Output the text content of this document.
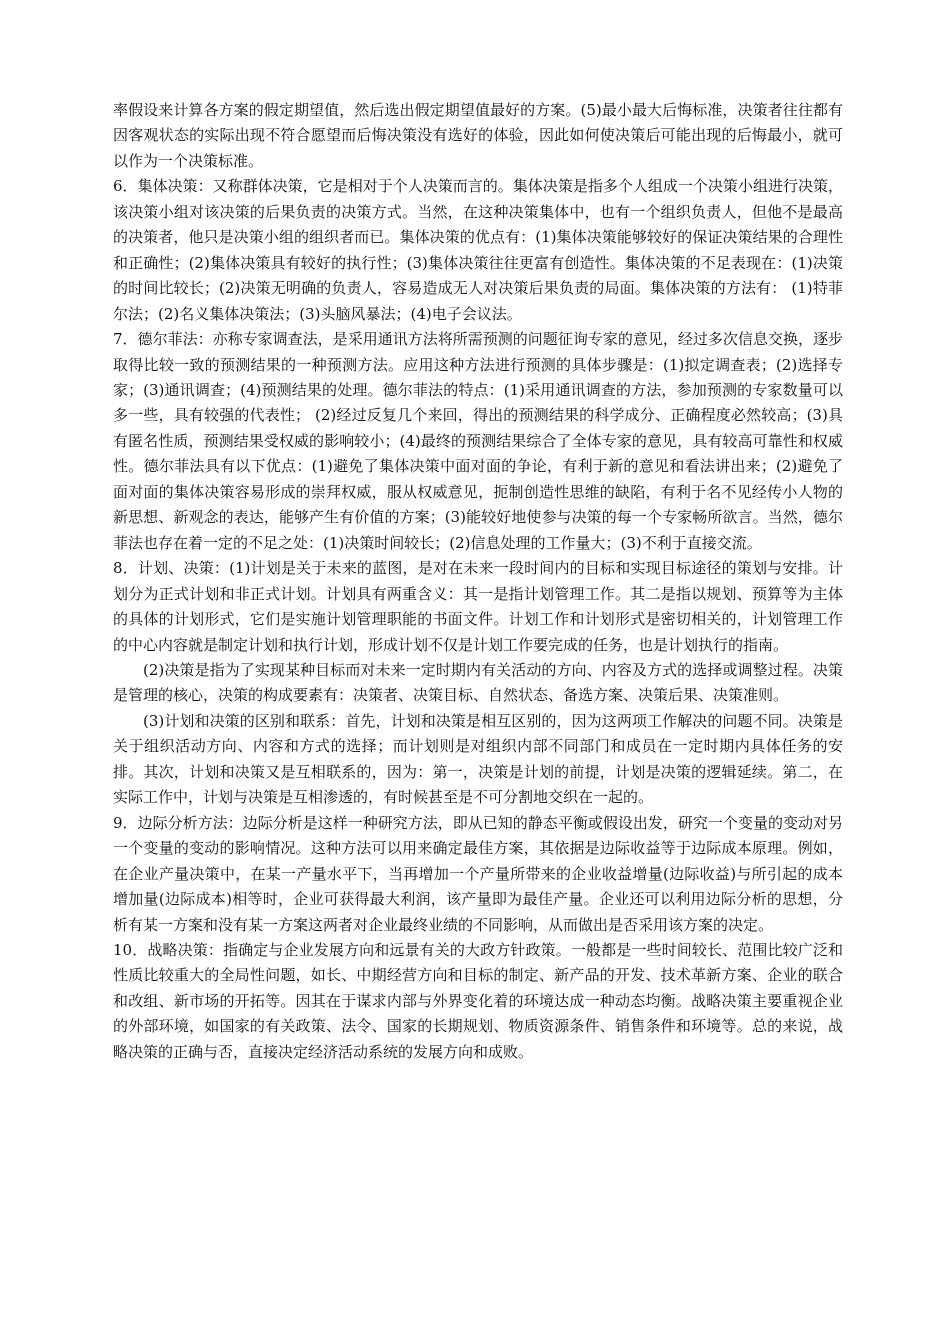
率假设来计算各方案的假定期望值，然后选出假定期望值最好的方案。(5)最小最大后悔标准，决策者往往都有因客观状态的实际出现不符合愿望而后悔决策没有选好的体验，因此如何使决策后可能出现的后悔最小，就可以作为一个决策标准。

6．集体决策：又称群体决策，它是相对于个人决策而言的。集体决策是指多个人组成一个决策小组进行决策，该决策小组对该决策的后果负责的决策方式。当然，在这种决策集体中，也有一个组织负责人，但他不是最高的决策者，他只是决策小组的组织者而已。集体决策的优点有：(1)集体决策能够较好的保证决策结果的合理性和正确性；(2)集体决策具有较好的执行性；(3)集体决策往往更富有创造性。集体决策的不足表现在：(1)决策的时间比较长；(2)决策无明确的负责人，容易造成无人对决策后果负责的局面。集体决策的方法有： (1)特菲尔法；(2)名义集体决策法；(3)头脑风暴法；(4)电子会议法。

7．德尔菲法：亦称专家调查法，是采用通讯方法将所需预测的问题征询专家的意见，经过多次信息交换，逐步取得比较一致的预测结果的一种预测方法。应用这种方法进行预测的具体步骤是：(1)拟定调查表；(2)选择专家；(3)通讯调查；(4)预测结果的处理。德尔菲法的特点：(1)采用通讯调查的方法，参加预测的专家数量可以多一些，具有较强的代表性； (2)经过反复几个来回，得出的预测结果的科学成分、正确程度必然较高；(3)具有匿名性质，预测结果受权威的影响较小；(4)最终的预测结果综合了全体专家的意见，具有较高可靠性和权威性。德尔菲法具有以下优点：(1)避免了集体决策中面对面的争论，有利于新的意见和看法讲出来；(2)避免了面对面的集体决策容易形成的崇拜权威，服从权威意见，扼制创造性思维的缺陷，有利于名不见经传小人物的新思想、新观念的表达，能够产生有价值的方案；(3)能较好地使参与决策的每一个专家畅所欲言。当然，德尔菲法也存在着一定的不足之处：(1)决策时间较长；(2)信息处理的工作量大；(3)不利于直接交流。

8．计划、决策：(1)计划是关于未来的蓝图，是对在未来一段时间内的目标和实现目标途径的策划与安排。计划分为正式计划和非正式计划。计划具有两重含义：其一是指计划管理工作。其二是指以规划、预算等为主体的具体的计划形式，它们是实施计划管理职能的书面文件。计划工作和计划形式是密切相关的，计划管理工作的中心内容就是制定计划和执行计划，形成计划不仅是计划工作要完成的任务，也是计划执行的指南。

(2)决策是指为了实现某种目标而对未来一定时期内有关活动的方向、内容及方式的选择或调整过程。决策是管理的核心，决策的构成要素有：决策者、决策目标、自然状态、备选方案、决策后果、决策准则。

(3)计划和决策的区别和联系：首先，计划和决策是相互区别的，因为这两项工作解决的问题不同。决策是关于组织活动方向、内容和方式的选择；而计划则是对组织内部不同部门和成员在一定时期内具体任务的安排。其次，计划和决策又是互相联系的，因为：第一，决策是计划的前提，计划是决策的逻辑延续。第二，在实际工作中，计划与决策是互相渗透的，有时候甚至是不可分割地交织在一起的。

9．边际分析方法：边际分析是这样一种研究方法，即从已知的静态平衡或假设出发，研究一个变量的变动对另一个变量的变动的影响情况。这种方法可以用来确定最佳方案，其依据是边际收益等于边际成本原理。例如，在企业产量决策中，在某一产量水平下，当再增加一个产量所带来的企业收益增量(边际收益)与所引起的成本增加量(边际成本)相等时，企业可获得最大利润，该产量即为最佳产量。企业还可以利用边际分析的思想，分析有某一方案和没有某一方案这两者对企业最终业绩的不同影响，从而做出是否采用该方案的决定。

10．战略决策：指确定与企业发展方向和远景有关的大政方针政策。一般都是一些时间较长、范围比较广泛和性质比较重大的全局性问题，如长、中期经营方向和目标的制定、新产品的开发、技术革新方案、企业的联合和改组、新市场的开拓等。因其在于谋求内部与外界变化着的环境达成一种动态均衡。战略决策主要重视企业的外部环境，如国家的有关政策、法令、国家的长期规划、物质资源条件、销售条件和环境等。总的来说，战略决策的正确与否，直接决定经济活动系统的发展方向和成败。
